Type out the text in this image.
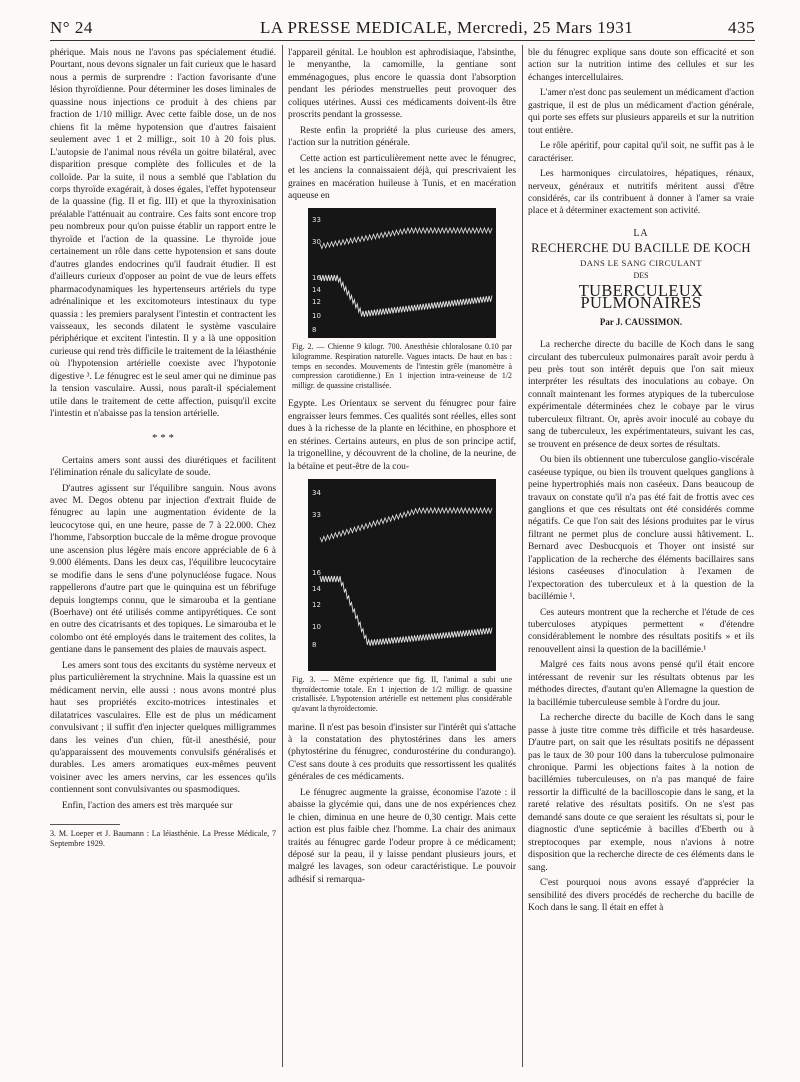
N° 24	LA PRESSE MEDICALE, Mercredi, 25 Mars 1931	435

phérique. Mais nous ne l'avons pas spécialement étudié. Pourtant, nous devons signaler un fait curieux que le hasard nous a permis de surprendre : l'action favorisante d'une lésion thyroïdienne. Pour déterminer les doses liminales de quassine nous injections ce produit à des chiens par fraction de 1/10 milligr. Avec cette faible dose, un de nos chiens fit la même hypotension que d'autres faisaient seulement avec 1 et 2 milligr., soit 10 à 20 fois plus. L'autopsie de l'animal nous révéla un goitre bilatéral, avec disparition presque complète des follicules et de la colloïde. Par la suite, il nous a semblé que l'ablation du corps thyroïde exagérait, à doses égales, l'effet hypotenseur de la quassine (fig. II et fig. III) et que la thyroxinisation préalable l'atténuait au contraire. Ces faits sont encore trop peu nombreux pour qu'on puisse établir un rapport entre le thyroïde et l'action de la quassine. Le thyroïde joue certainement un rôle dans cette hypotension et sans doute d'autres glandes endocrines qu'il faudrait étudier. Il est d'ailleurs curieux d'opposer au point de vue de leurs effets pharmacodynamiques les hypertenseurs artériels du type adrénalinique et les excitomoteurs intestinaux du type quassia : les premiers paralysent l'intestin et contractent les vaisseaux, les seconds dilatent le système vasculaire périphérique et excitent l'intestin. Il y a là une opposition curieuse qui rend très difficile le traitement de la léiasthénie où l'hypotension artérielle coexiste avec l'hypotonie digestive ³. Le fénugrec est le seul amer qui ne diminue pas la tension vasculaire. Aussi, nous paraît-il spécialement utile dans le traitement de cette affection, puisqu'il excite l'intestin et n'abaisse pas la tension artérielle.

* * *

Certains amers sont aussi des diurétiques et facilitent l'élimination rénale du salicylate de soude.

D'autres agissent sur l'équilibre sanguin. Nous avons avec M. Degos obtenu par injection d'extrait fluide de fénugrec au lapin une augmentation évidente de la leucocytose qui, en une heure, passe de 7 à 22.000. Chez l'homme, l'absorption buccale de la même drogue provoque une ascension plus légère mais encore appréciable de 6 à 9.000 éléments. Dans les deux cas, l'équilibre leucocytaire se modifie dans le sens d'une polynucléose fugace. Nous rappellerons d'autre part que le quinquina est un fébrifuge depuis longtemps connu, que le simarouba et la gentiane (Boerhave) ont été utilisés comme antipyrétiques. Ce sont en outre des cicatrisants et des topiques. Le simarouba et le colombo ont été employés dans le traitement des colites, la gentiane dans le pansement des plaies de mauvais aspect.

Les amers sont tous des excitants du système nerveux et plus particulièrement la strychnine. Mais la quassine est un médicament nervin, elle aussi : nous avons montré plus haut ses propriétés excito-motrices intestinales et dilatatrices vasculaires. Elle est de plus un médicament convulsivant ; il suffit d'en injecter quelques milligrammes dans les veines d'un chien, fût-il anesthésié, pour qu'apparaissent des mouvements convulsifs généralisés et durables. Les amers aromatiques eux-mêmes peuvent voisiner avec les amers nervins, car les essences qu'ils contiennent sont convulsivantes ou spasmodiques.

Enfin, l'action des amers est très marquée sur

3. M. Loeper et J. Baumann : La léiasthénie. La Presse Médicale, 7 Septembre 1929.

l'appareil génital. Le houblon est aphrodisiaque, l'absinthe, le menyanthe, la camomille, la gentiane sont emménagogues, plus encore le quassia dont l'absorption pendant les périodes menstruelles peut provoquer des coliques utérines. Aussi ces médicaments doivent-ils être proscrits pendant la grossesse.

Reste enfin la propriété la plus curieuse des amers, l'action sur la nutrition générale.

Cette action est particulièrement nette avec le fénugrec, et les anciens la connaissaient déjà, qui prescrivaient les graines en macération huileuse à Tunis, et en macération aqueuse en

33
30
16
14
12
10
8
Fig. 2. — Chienne 9 kilogr. 700. Anesthésie chloralosane 0.10 par kilogramme. Respiration naturelle. Vagues intacts. De haut en bas : temps en secondes. Mouvements de l'intestin grêle (manomètre à compression carotidienne.) En 1 injection intra-veineuse de 1/2 milligr. de quassine cristallisée.

Egypte. Les Orientaux se servent du fénugrec pour faire engraisser leurs femmes. Ces qualités sont réelles, elles sont dues à la richesse de la plante en lécithine, en phosphore et en stérines. Certains auteurs, en plus de son principe actif, la trigonelline, y découvrent de la choline, de la neurine, de la bétaïne et peut-être de la cou-

34
33
16
14
12
10
8
Fig. 3. — Même expérience que fig. II, l'animal a subi une thyroïdectomie totale. En 1 injection de 1/2 milligr. de quassine cristallisée. L'hypotension artérielle est nettement plus considérable qu'avant la thyroïdectomie.

marine. Il n'est pas besoin d'insister sur l'intérêt qui s'attache à la constatation des phytostérines dans les amers (phytostérine du fénugrec, condurostérine du condurango). C'est sans doute à ces produits que ressortissent les qualités générales de ces médicaments.

Le fénugrec augmente la graisse, économise l'azote : il abaisse la glycémie qui, dans une de nos expériences chez le chien, diminua en une heure de 0,30 centigr. Mais cette action est plus faible chez l'homme. La chair des animaux traités au fénugrec garde l'odeur propre à ce médicament; déposé sur la peau, il y laisse pendant plusieurs jours, et malgré les lavages, son odeur caractéristique. Le pouvoir adhésif si remarqua-

ble du fénugrec explique sans doute son efficacité et son action sur la nutrition intime des cellules et sur les échanges intercellulaires.

L'amer n'est donc pas seulement un médicament d'action gastrique, il est de plus un médicament d'action générale, qui porte ses effets sur plusieurs appareils et sur la nutrition tout entière.

Le rôle apéritif, pour capital qu'il soit, ne suffit pas à le caractériser.

Les harmoniques circulatoires, hépatiques, rénaux, nerveux, généraux et nutritifs méritent aussi d'être considérés, car ils contribuent à donner à l'amer sa vraie place et à déterminer exactement son activité.

LA
RECHERCHE DU BACILLE DE KOCH
DANS LE SANG CIRCULANT
DES
TUBERCULEUX PULMONAIRES
Par J. CAUSSIMON.

La recherche directe du bacille de Koch dans le sang circulant des tuberculeux pulmonaires paraît avoir perdu à peu près tout son intérêt depuis que l'on sait mieux interpréter les résultats des inoculations au cobaye. On connaît maintenant les formes atypiques de la tuberculose expérimentale déterminées chez le cobaye par le virus tuberculeux filtrant. Or, après avoir inoculé au cobaye du sang de tuberculeux, les expérimentateurs, suivant les cas, se trouvent en présence de deux sortes de résultats.

Ou bien ils obtiennent une tuberculose ganglio-viscérale caséeuse typique, ou bien ils trouvent quelques ganglions à peine hypertrophiés mais non caséeux. Dans beaucoup de travaux on constate qu'il n'a pas été fait de frottis avec ces ganglions et que ces résultats ont été considérés comme négatifs. Ce que l'on sait des lésions produites par le virus filtrant ne permet plus de conclure aussi hâtivement. L. Bernard avec Desbucquois et Thoyer ont insisté sur l'application de la recherche des éléments bacillaires sans lésions caséeuses d'inoculation à l'examen de l'expectoration des tuberculeux et à la question de la bacillémie ¹.

Ces auteurs montrent que la recherche et l'étude de ces tuberculoses atypiques permettent « d'étendre considérablement le nombre des résultats positifs » et ils renouvellent ainsi la question de la bacillémie.¹

Malgré ces faits nous avons pensé qu'il était encore intéressant de revenir sur les résultats obtenus par les méthodes directes, d'autant qu'en Allemagne la question de la bacillémie tuberculeuse semble à l'ordre du jour.

La recherche directe du bacille de Koch dans le sang passe à juste titre comme très difficile et très hasardeuse. D'autre part, on sait que les résultats positifs ne dépassent pas le taux de 30 pour 100 dans la tuberculose pulmonaire chronique. Parmi les objections faites à la notion de bacillémies tuberculeuses, on n'a pas manqué de faire ressortir la difficulté de la bacilloscopie dans le sang, et la rareté relative des résultats positifs. On ne s'est pas demandé sans doute ce que seraient les résultats si, pour le diagnostic d'une septicémie à bacilles d'Eberth ou à streptocoques par exemple, nous n'avions à notre disposition que la recherche directe de ces éléments dans le sang.

C'est pourquoi nous avons essayé d'apprécier la sensibilité des divers procédés de recherche du bacille de Koch dans le sang. Il était en effet à
